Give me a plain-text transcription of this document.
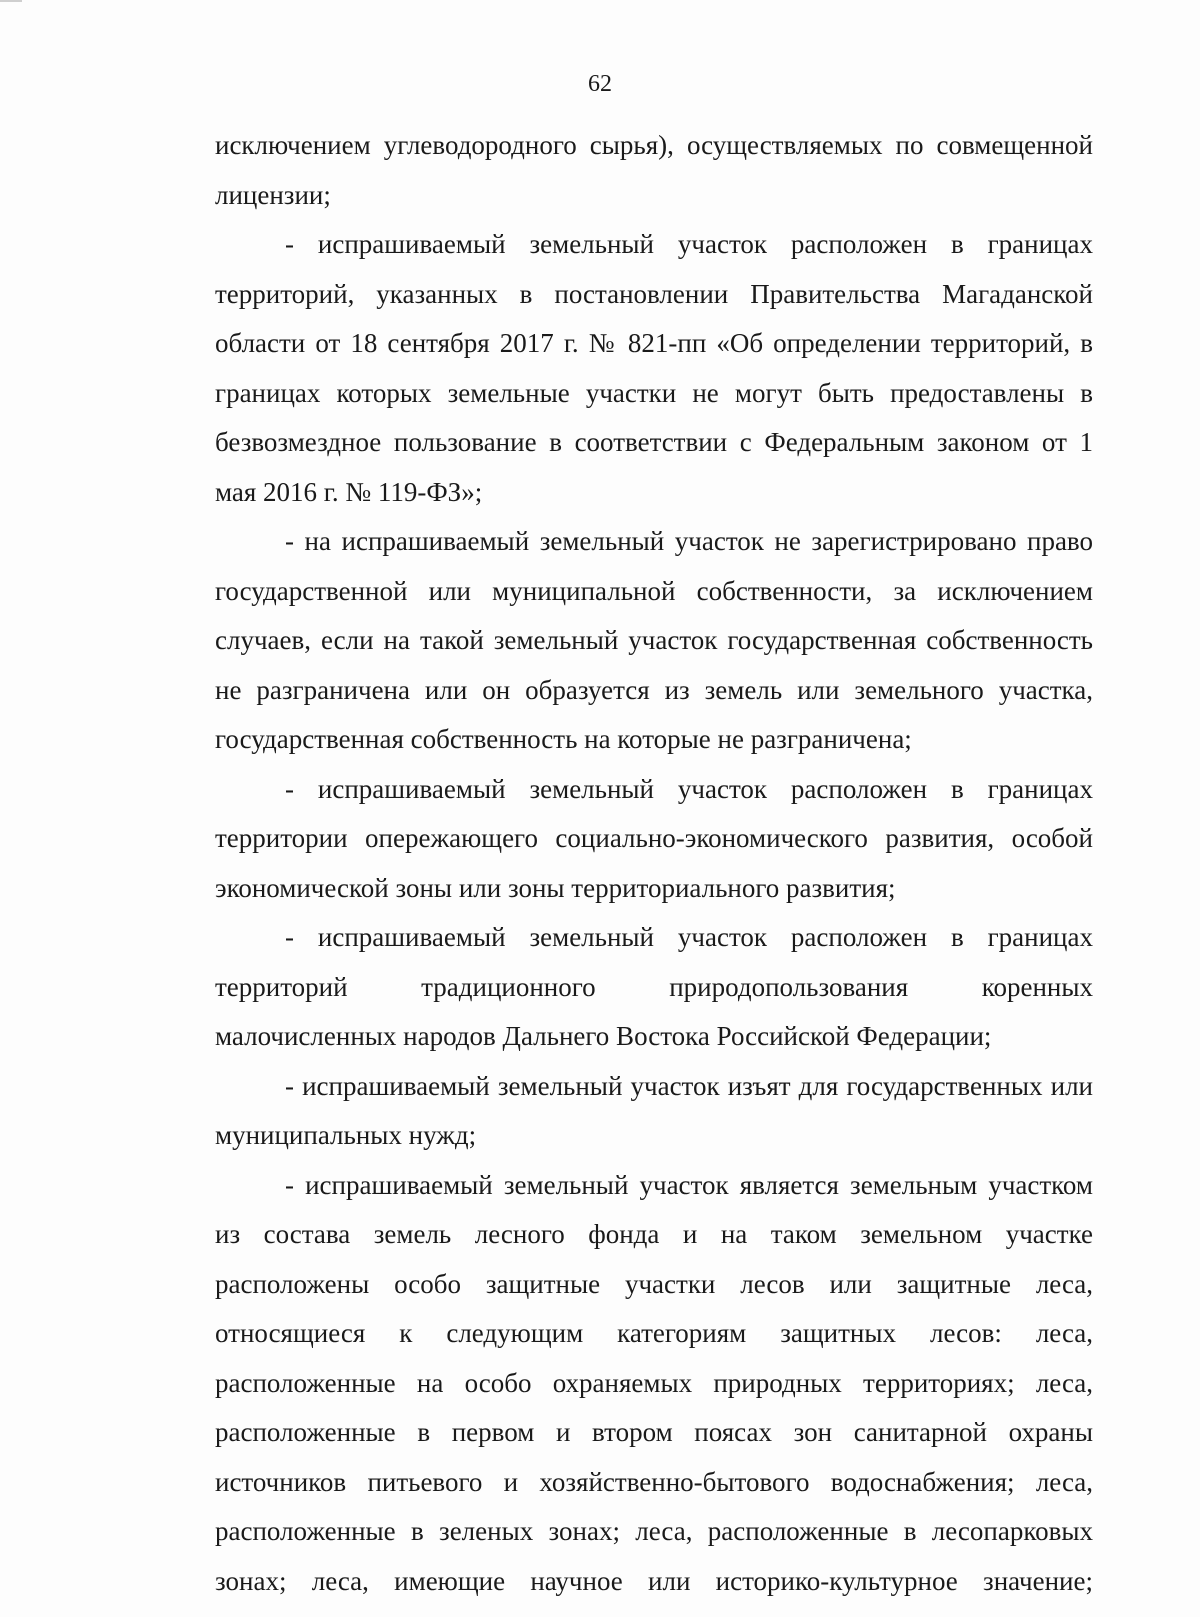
62
исключением углеводородного сырья), осуществляемых по совмещенной
лицензии;
- испрашиваемый земельный участок расположен в границах
территорий, указанных в постановлении Правительства Магаданской
области от 18 сентября 2017 г. № 821-пп «Об определении территорий, в
границах которых земельные участки не могут быть предоставлены в
безвозмездное пользование в соответствии с Федеральным законом от 1
мая 2016 г. № 119-ФЗ»;
- на испрашиваемый земельный участок не зарегистрировано право
государственной или муниципальной собственности, за исключением
случаев, если на такой земельный участок государственная собственность
не разграничена или он образуется из земель или земельного участка,
государственная собственность на которые не разграничена;
- испрашиваемый земельный участок расположен в границах
территории опережающего социально-экономического развития, особой
экономической зоны или зоны территориального развития;
- испрашиваемый земельный участок расположен в границах
территорий традиционного природопользования коренных
малочисленных народов Дальнего Востока Российской Федерации;
- испрашиваемый земельный участок изъят для государственных или
муниципальных нужд;
- испрашиваемый земельный участок является земельным участком
из состава земель лесного фонда и на таком земельном участке
расположены особо защитные участки лесов или защитные леса,
относящиеся к следующим категориям защитных лесов: леса,
расположенные на особо охраняемых природных территориях; леса,
расположенные в первом и втором поясах зон санитарной охраны
источников питьевого и хозяйственно-бытового водоснабжения; леса,
расположенные в зеленых зонах; леса, расположенные в лесопарковых
зонах; леса, имеющие научное или историко-культурное значение;
